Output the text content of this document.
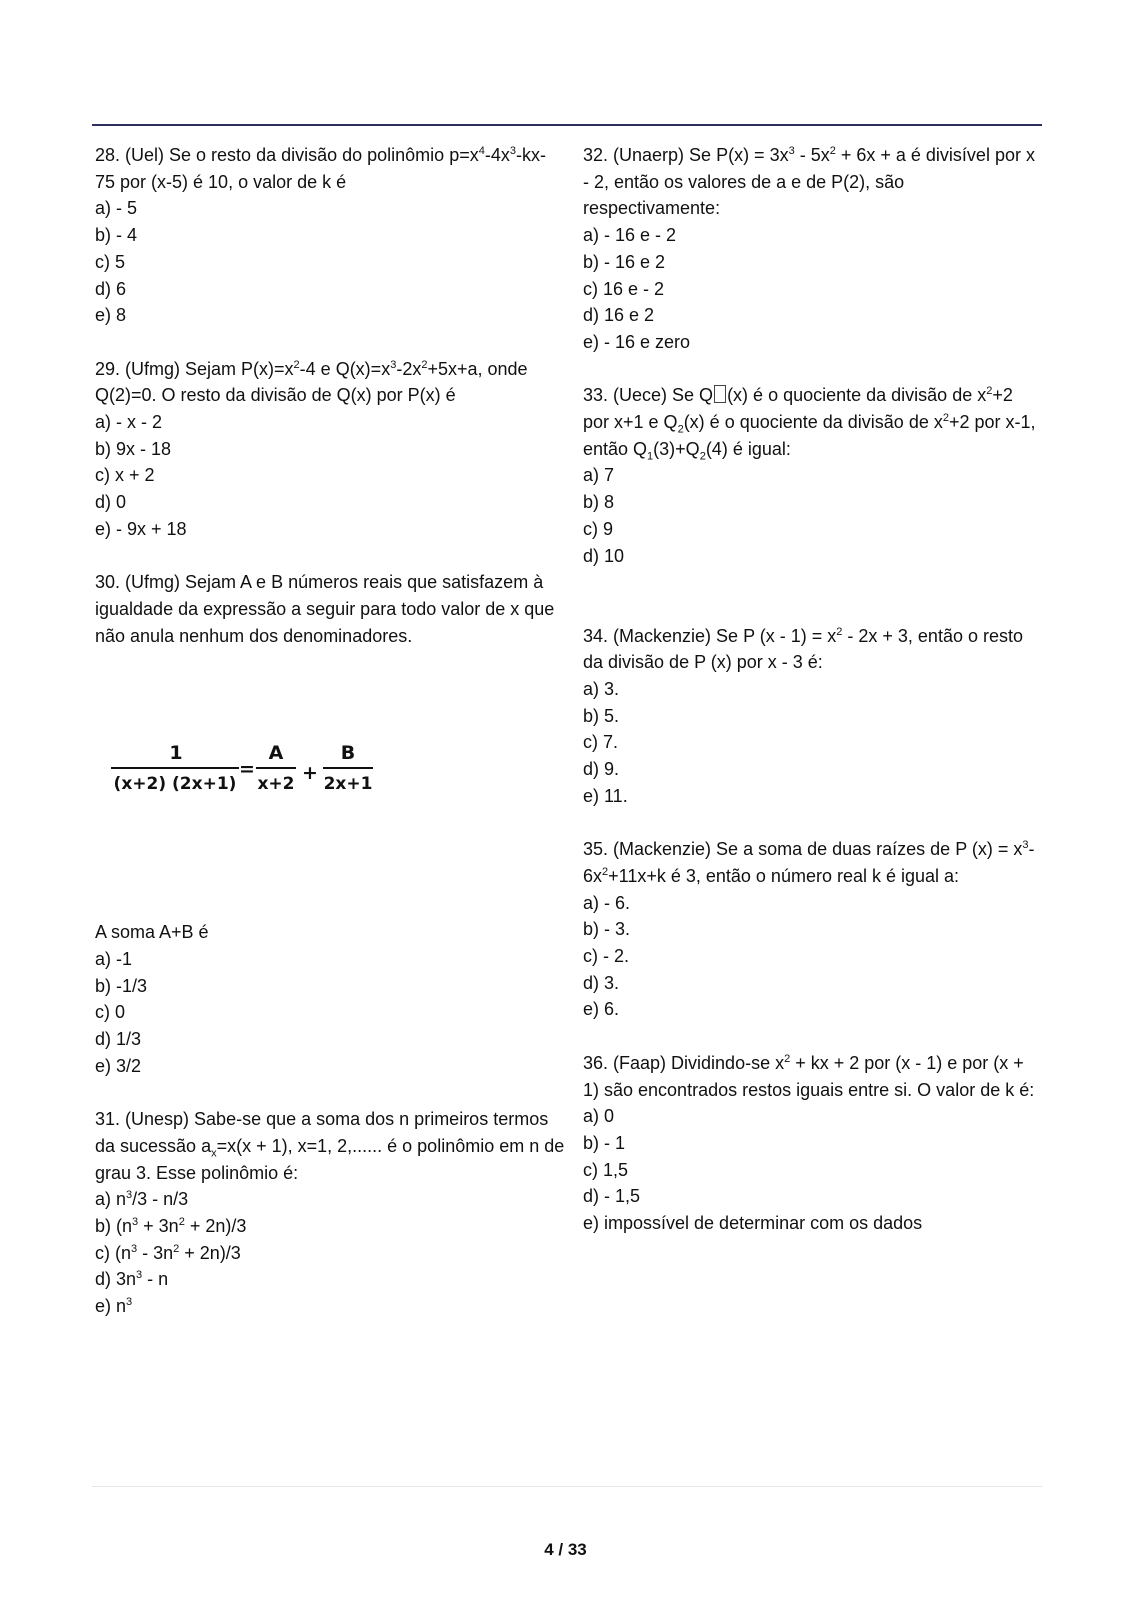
28. (Uel) Se o resto da divisão do polinômio $p=x^4-4x^3-kx-75$ por (x-5) é 10, o valor de k é

a) - 5

b) - 4

c) 5

d) 6

e) 8

29. (Ufmg) Sejam $P(x)=x^2-4$ e $Q(x)=x^3-2x^2+5x+a$, onde Q(2)=0. O resto da divisão de Q(x) por P(x) é

a) - x - 2

b) 9x - 18

c) x + 2

d) 0

e) - 9x + 18

30. (Ufmg) Sejam A e B números reais que satisfazem à igualdade da expressão a seguir para todo valor de x que não anula nenhum dos denominadores.

1
(x+2) (2x+1)
=
A
x+2 +
B
2x+1

A soma A+B é

a) -1

b) -1/3

c) 0

d) 1/3

e) 3/2

31. (Unesp) Sabe-se que a soma dos n primeiros termos da sucessão $a_x=x(x + 1)$, x=1, 2,...... é o polinômio em n de grau 3. Esse polinômio é:

a) $n^3/3 - n/3$

b) $(n^3 + 3n^2 + 2n)/3$

c) $(n^3 - 3n^2 + 2n)/3$

d) $3n^3$ - n

e) $n^3$

32. (Unaerp) Se $P(x) = 3x^3 - 5x^2 + 6x + a$ é divisível por x - 2, então os valores de a e de P(2), são respectivamente:

a) - 16 e - 2

b) - 16 e 2

c) 16 e - 2

d) 16 e 2

e) - 16 e zero

33. (Uece) Se Q (x) é o quociente da divisão de $x^2+2$ por x+1 e $Q_2(x)$ é o quociente da divisão de $x^2+2$ por x-1, então $Q_1(3)+Q_2(4)$ é igual:

a) 7

b) 8

c) 9

d) 10

34. (Mackenzie) Se P $(x - 1) = x^2 - 2x + 3$, então o resto da divisão de P (x) por x - 3 é:

a) 3.

b) 5.

c) 7.

d) 9.

e) 11.

35. (Mackenzie) Se a soma de duas raízes de P $(x) = x^3-6x^2+11x+k$ é 3, então o número real k é igual a:

a) - 6.

b) - 3.

c) - 2.

d) 3.

e) 6.

36. (Faap) Dividindo-se $x^2$ + kx + 2 por (x - 1) e por (x + 1) são encontrados restos iguais entre si. O valor de k é:

a) 0

b) - 1

c) 1,5

d) - 1,5

e) impossível de determinar com os dados

4 / 33
